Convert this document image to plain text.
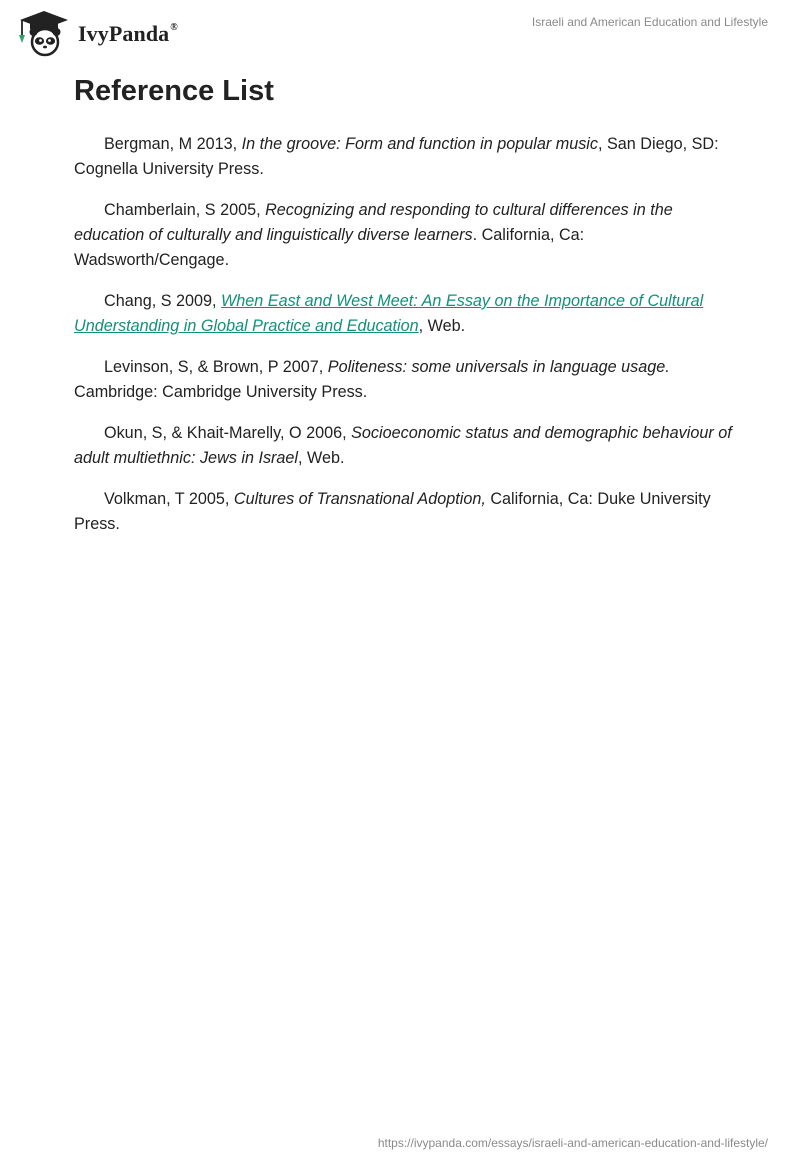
IvyPanda®	Israeli and American Education and Lifestyle
Reference List

Bergman, M 2013, In the groove: Form and function in popular music, San Diego, SD: Cognella University Press.

Chamberlain, S 2005, Recognizing and responding to cultural differences in the education of culturally and linguistically diverse learners. California, Ca: Wadsworth/Cengage.

Chang, S 2009, When East and West Meet: An Essay on the Importance of Cultural Understanding in Global Practice and Education, Web.

Levinson, S, & Brown, P 2007, Politeness: some universals in language usage. Cambridge: Cambridge University Press.

Okun, S, & Khait-Marelly, O 2006, Socioeconomic status and demographic behaviour of adult multiethnic: Jews in Israel, Web.

Volkman, T 2005, Cultures of Transnational Adoption, California, Ca: Duke University Press.

https://ivypanda.com/essays/israeli-and-american-education-and-lifestyle/
